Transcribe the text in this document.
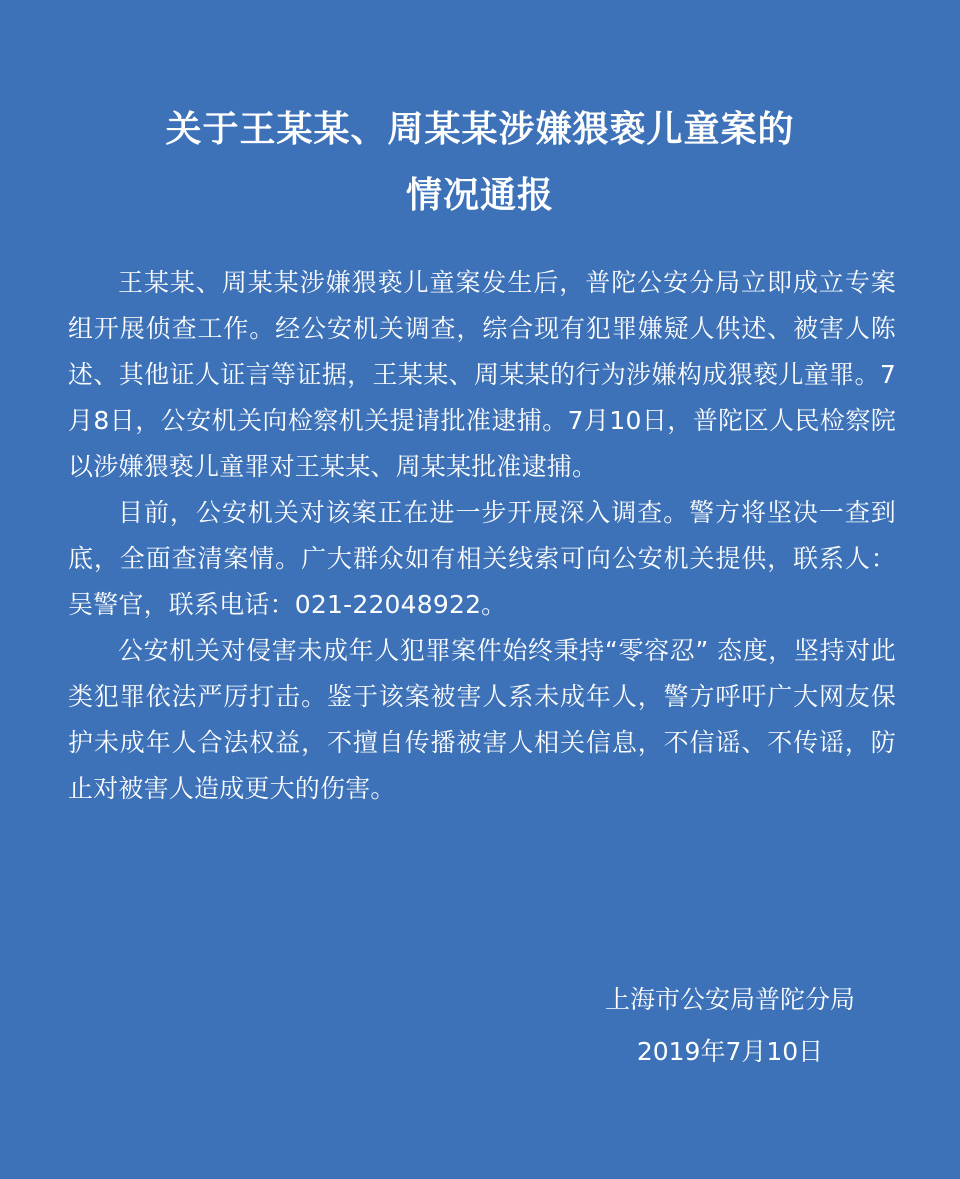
关于王某某、周某某涉嫌猥亵儿童案的
情况通报

王某某、周某某涉嫌猥亵儿童案发生后，普陀公安分局立即成立专案组开展侦查工作。经公安机关调查，综合现有犯罪嫌疑人供述、被害人陈述、其他证人证言等证据，王某某、周某某的行为涉嫌构成猥亵儿童罪。7月8日，公安机关向检察机关提请批准逮捕。7月10日，普陀区人民检察院以涉嫌猥亵儿童罪对王某某、周某某批准逮捕。

目前，公安机关对该案正在进一步开展深入调查。警方将坚决一查到底，全面查清案情。广大群众如有相关线索可向公安机关提供，联系人：吴警官，联系电话：021-22048922。

公安机关对侵害未成年人犯罪案件始终秉持“零容忍” 态度，坚持对此类犯罪依法严厉打击。鉴于该案被害人系未成年人，警方呼吁广大网友保护未成年人合法权益，不擅自传播被害人相关信息，不信谣、不传谣，防止对被害人造成更大的伤害。

上海市公安局普陀分局
2019年7月10日
